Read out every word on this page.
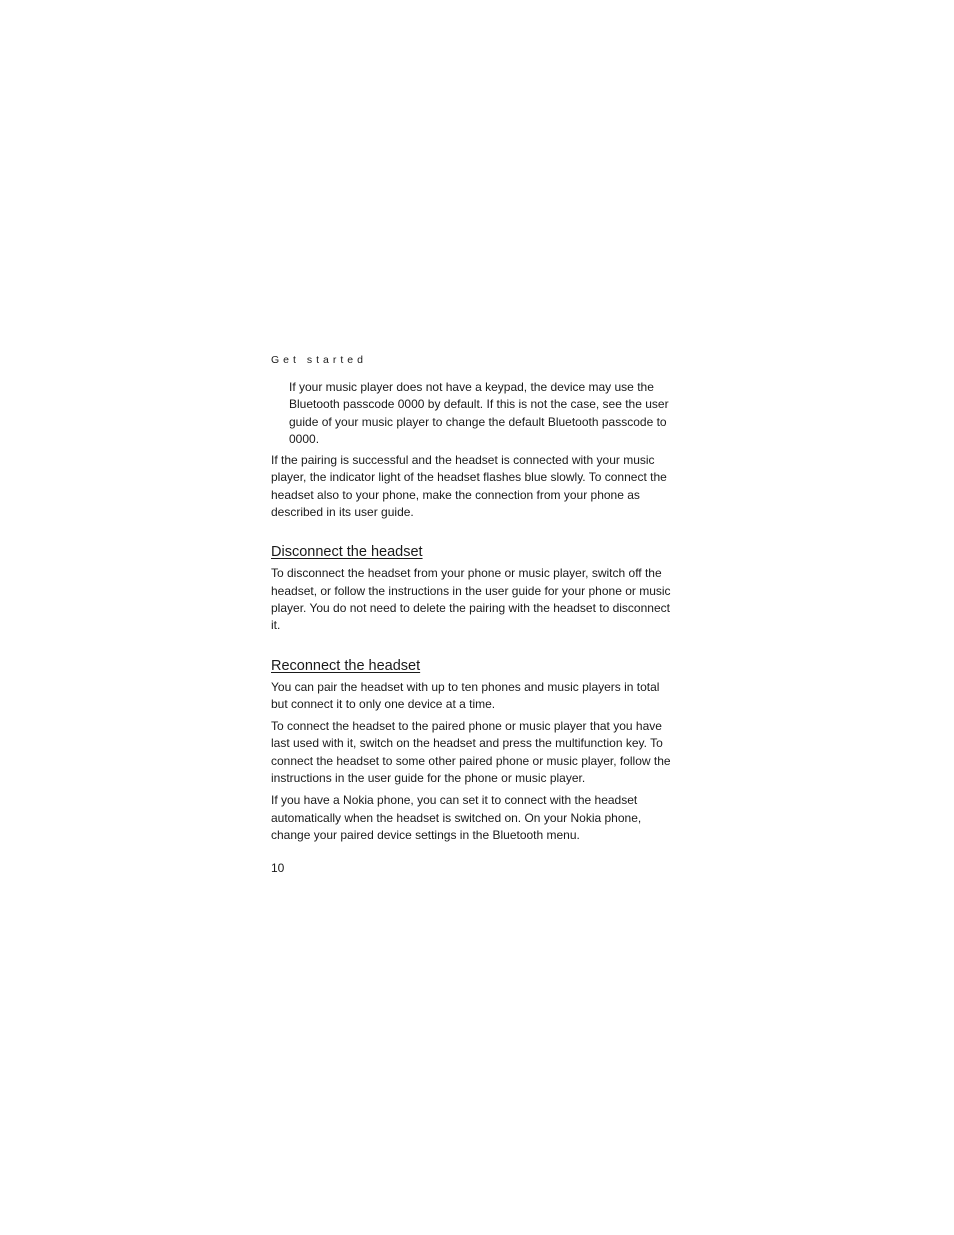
Get started

If your music player does not have a keypad, the device may use the Bluetooth passcode 0000 by default. If this is not the case, see the user guide of your music player to change the default Bluetooth passcode to 0000.

If the pairing is successful and the headset is connected with your music player, the indicator light of the headset flashes blue slowly. To connect the headset also to your phone, make the connection from your phone as described in its user guide.

Disconnect the headset

To disconnect the headset from your phone or music player, switch off the headset, or follow the instructions in the user guide for your phone or music player. You do not need to delete the pairing with the headset to disconnect it.

Reconnect the headset

You can pair the headset with up to ten phones and music players in total but connect it to only one device at a time.

To connect the headset to the paired phone or music player that you have last used with it, switch on the headset and press the multifunction key. To connect the headset to some other paired phone or music player, follow the instructions in the user guide for the phone or music player.

If you have a Nokia phone, you can set it to connect with the headset automatically when the headset is switched on. On your Nokia phone, change your paired device settings in the Bluetooth menu.

10
